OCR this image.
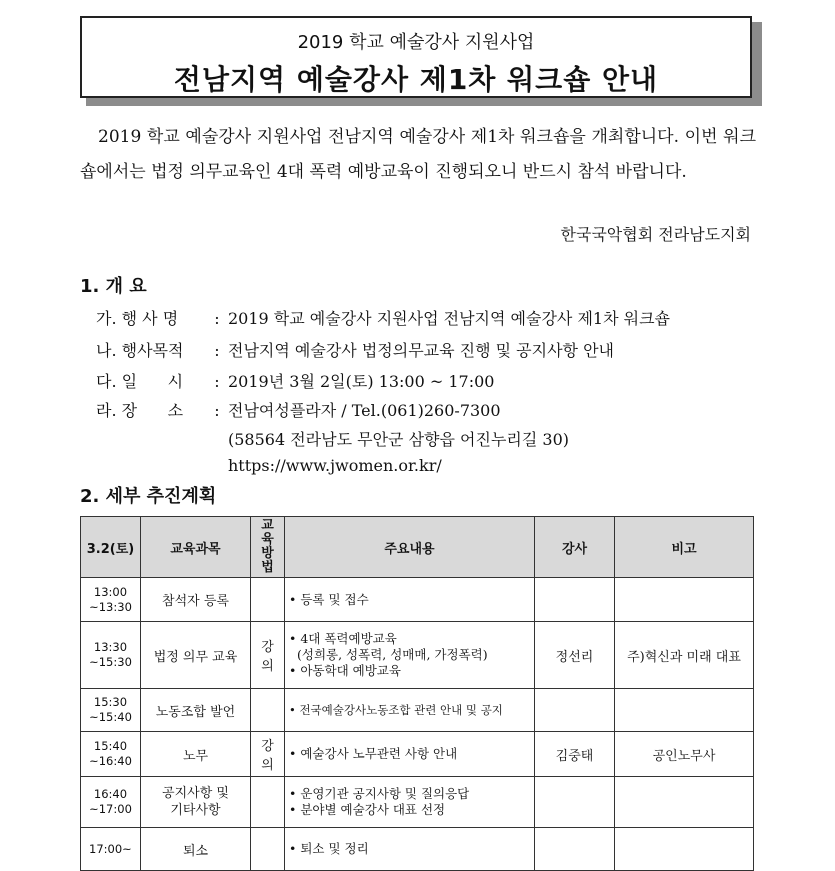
2019 학교 예술강사 지원사업
전남지역 예술강사 제1차 워크숍 안내
2019 학교 예술강사 지원사업 전남지역 예술강사 제1차 워크숍을 개최합니다. 이번 워크숍에서는 법정 의무교육인 4대 폭력 예방교육이 진행되오니 반드시 참석 바랍니다.
한국국악협회 전라남도지회
1. 개 요
가. 행 사 명 : 2019 학교 예술강사 지원사업 전남지역 예술강사 제1차 워크숍
나. 행사목적 : 전남지역 예술강사 법정의무교육 진행 및 공지사항 안내
다. 일      시 : 2019년 3월 2일(토) 13:00 ~ 17:00
라. 장      소 : 전남여성플라자 / Tel.(061)260-7300
(58564 전라남도 무안군 삼향읍 어진누리길 30)
https://www.jwomen.or.kr/
2. 세부 추진계획
3.2(토)	교육과목	교육
방법	주요내용	강사	비고
13:00
~13:30	참석자 등록		• 등록 및 접수		

13:30
~15:30	법정 의무 교육	강의	• 4대 폭력예방교육
(성희롱, 성폭력, 성매매, 가정폭력)
• 아동학대 예방교육	정선리	주)혁신과 미래 대표
15:30
~15:40	노동조합 발언		• 전국예술강사노동조합 관련 안내 및 공지		

15:40
~16:40	노무	강의	• 예술강사 노무관련 사항 안내	김중태	공인노무사
16:40
~17:00	공지사항 및 기타사항		• 운영기관 공지사항 및 질의응답
• 분야별 예술강사 대표 선정		

17:00~	퇴소		• 퇴소 및 정리		
